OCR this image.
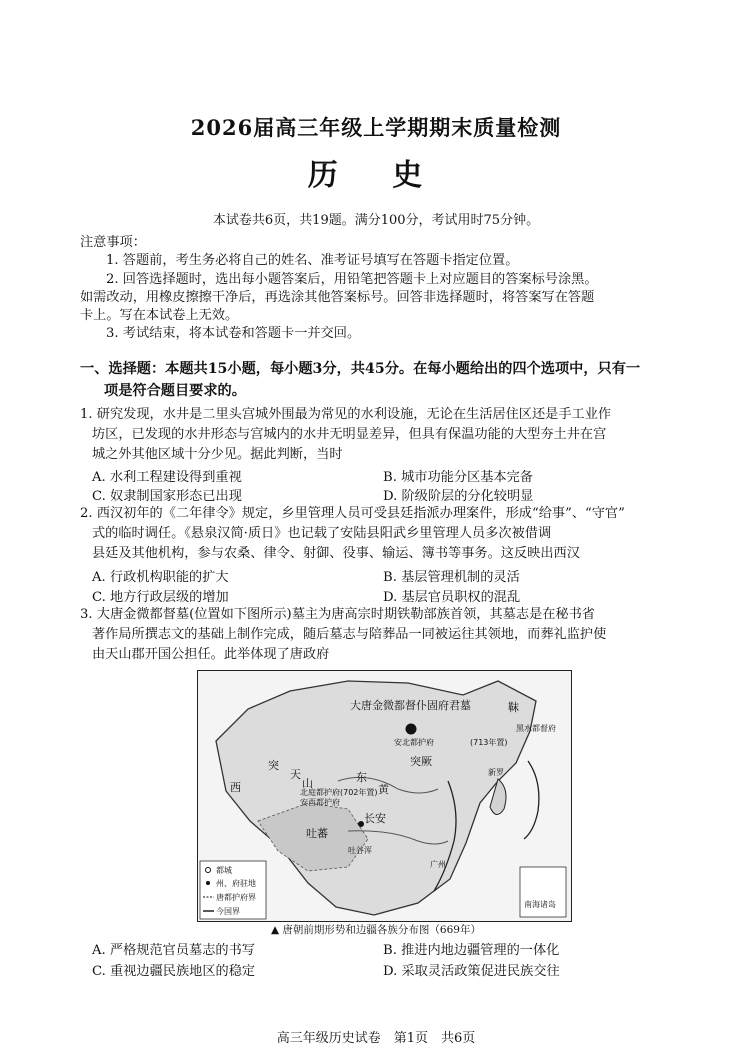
2026届高三年级上学期期末质量检测
历 史
本试卷共6页，共19题。满分100分，考试用时75分钟。
注意事项：
1. 答题前，考生务必将自己的姓名、准考证号填写在答题卡指定位置。
2. 回答选择题时，选出每小题答案后，用铅笔把答题卡上对应题目的答案标号涂黑。
如需改动，用橡皮擦擦干净后，再选涂其他答案标号。回答非选择题时，将答案写在答题
卡上。写在本试卷上无效。
3. 考试结束，将本试卷和答题卡一并交回。
一、选择题：本题共15小题，每小题3分，共45分。在每小题给出的四个选项中，只有一
项是符合题目要求的。
1. 研究发现，水井是二里头宫城外围最为常见的水利设施，无论在生活居住区还是手工业作
坊区，已发现的水井形态与宫城内的水井无明显差异，但具有保温功能的大型夯土井在宫
城之外其他区域十分少见。据此判断，当时
A. 水利工程建设得到重视	B. 城市功能分区基本完备
C. 奴隶制国家形态已出现	D. 阶级阶层的分化较明显
2. 西汉初年的《二年律令》规定，乡里管理人员可受县廷指派办理案件，形成“给事”、“守官”
式的临时调任。《悬泉汉简·质日》也记载了安陆县阳武乡里管理人员多次被借调
县廷及其他机构，参与农桑、律令、射御、役事、输运、簿书等事务。这反映出西汉
A. 行政机构职能的扩大	B. 基层管理机制的灵活
C. 地方行政层级的增加	D. 基层官员职权的混乱
3. 大唐金微都督墓(位置如下图所示)墓主为唐高宗时期铁勒部族首领，其墓志是在秘书省
著作局所撰志文的基础上制作完成，随后墓志与陪葬品一同被运往其领地，而葬礼监护使
由天山郡开国公担任。此举体现了唐政府
大唐金微都督仆固府君墓
安北都护府
突
天
山
西
安西都护府
北庭都护府(702年置)
东
突厥
长安
吐蕃
吐谷浑
靺
黑水都督府
(713年置)
新罗
广州
黄
都城
州、府驻地
唐都护府界
今国界
南海诸岛
▲ 唐朝前期形势和边疆各族分布图（669年）
A. 严格规范官员墓志的书写	B. 推进内地边疆管理的一体化
C. 重视边疆民族地区的稳定	D. 采取灵活政策促进民族交往
高三年级历史试卷　第1页　共6页
